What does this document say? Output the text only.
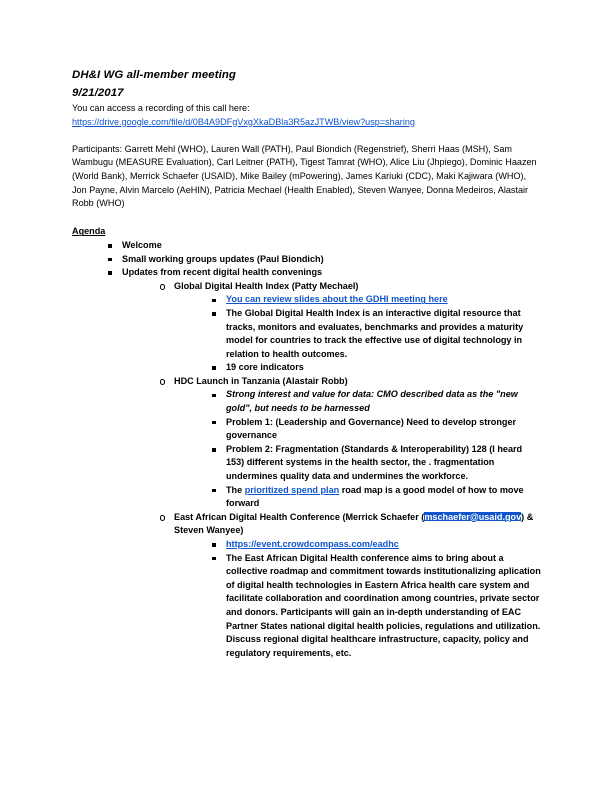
DH&I WG all-member meeting
9/21/2017
You can access a recording of this call here:
https://drive.google.com/file/d/0B4A9DFgVxgXkaDBla3R5azJTWB/view?usp=sharing
Participants: Garrett Mehl (WHO), Lauren Wall (PATH), Paul Biondich (Regenstrief), Sherri Haas (MSH), Sam Wambugu (MEASURE Evaluation), Carl Leitner (PATH), Tigest Tamrat (WHO), Alice Liu (Jhpiego), Dominic Haazen (World Bank), Merrick Schaefer (USAID), Mike Bailey (mPowering), James Kariuki (CDC), Maki Kajiwara (WHO), Jon Payne, Alvin Marcelo (AeHIN), Patricia Mechael (Health Enabled), Steven Wanyee, Donna Medeiros, Alastair Robb (WHO)
Agenda
Welcome
Small working groups updates (Paul Biondich)
Updates from recent digital health convenings
Global Digital Health Index (Patty Mechael)
You can review slides about the GDHI meeting here
The Global Digital Health Index is an interactive digital resource that tracks, monitors and evaluates, benchmarks and provides a maturity model for countries to track the effective use of digital technology in relation to health outcomes.
19 core indicators
HDC Launch in Tanzania (Alastair Robb)
Strong interest and value for data: CMO described data as the "new gold", but needs to be harnessed
Problem 1: (Leadership and Governance) Need to develop stronger governance
Problem 2: Fragmentation (Standards & Interoperability) 128 (I heard 153) different systems in the health sector, the . fragmentation undermines quality data and undermines the workforce.
The prioritized spend plan road map is a good model of how to move forward
East African Digital Health Conference (Merrick Schaefer (mschaefer@usaid.gov) & Steven Wanyee)
https://event.crowdcompass.com/eadhc
The East African Digital Health conference aims to bring about a collective roadmap and commitment towards institutionalizing aplication of digital health technologies in Eastern Africa health care system and facilitate collaboration and coordination among countries, private sector and donors. Participants will gain an in-depth understanding of EAC Partner States national digital health policies, regulations and utilization. Discuss regional digital healthcare infrastructure, capacity, policy and regulatory requirements, etc.
